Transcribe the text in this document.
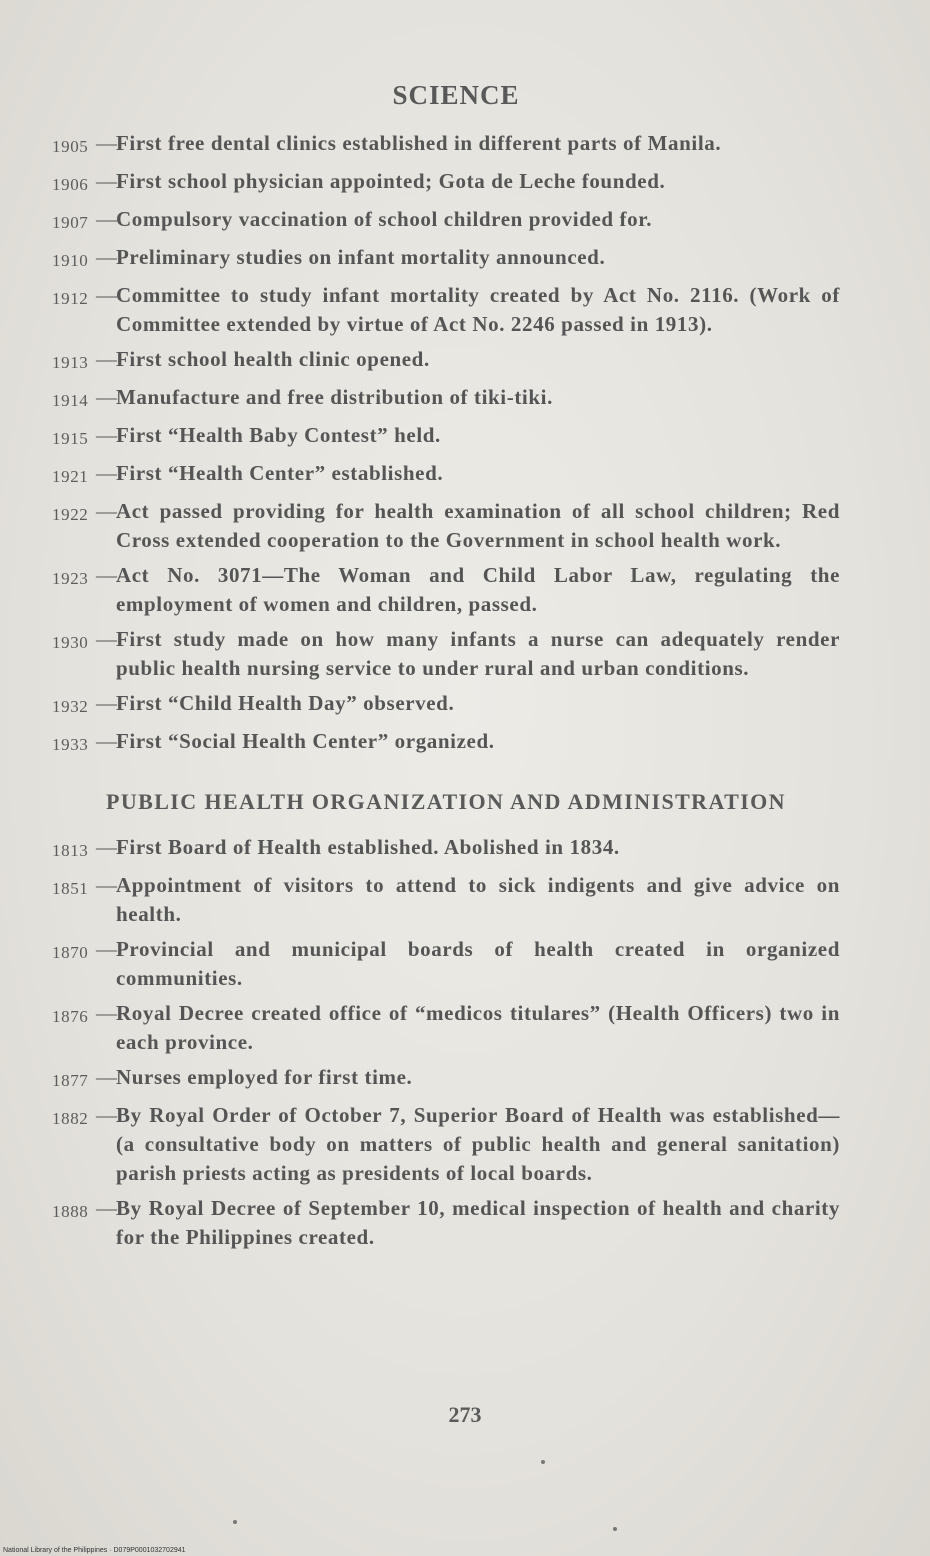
SCIENCE
1905 —
First free dental clinics established in different parts of Manila.
1906 —
First school physician appointed; Gota de Leche founded.
1907 —
Compulsory vaccination of school children provided for.
1910 —
Preliminary studies on infant mortality announced.
1912 —
Committee to study infant mortality created by Act No. 2116. (Work of Committee extended by virtue of Act No. 2246 passed in 1913).
1913 —
First school health clinic opened.
1914 —
Manufacture and free distribution of tiki-tiki.
1915 —
First “Health Baby Contest” held.
1921 —
First “Health Center” established.
1922 —
Act passed providing for health examination of all school children; Red Cross extended cooperation to the Government in school health work.
1923 —
Act No. 3071—The Woman and Child Labor Law, regulating the employment of women and children, passed.
1930 —
First study made on how many infants a nurse can adequately render public health nursing service to under rural and urban conditions.
1932 —
First “Child Health Day” observed.
1933 —
First “Social Health Center” organized.
PUBLIC HEALTH ORGANIZATION AND ADMINISTRATION
1813 —
First Board of Health established. Abolished in 1834.
1851 —
Appointment of visitors to attend to sick indigents and give advice on health.
1870 —
Provincial and municipal boards of health created in organized communities.
1876 —
Royal Decree created office of “medicos titulares” (Health Officers) two in each province.
1877 —
Nurses employed for first time.
1882 —
By Royal Order of October 7, Superior Board of Health was established—(a consultative body on matters of public health and general sanitation) parish priests acting as presidents of local boards.
1888 —
By Royal Decree of September 10, medical inspection of health and charity for the Philippines created.
273
National Library of the Philippines · D079P0001032702941
